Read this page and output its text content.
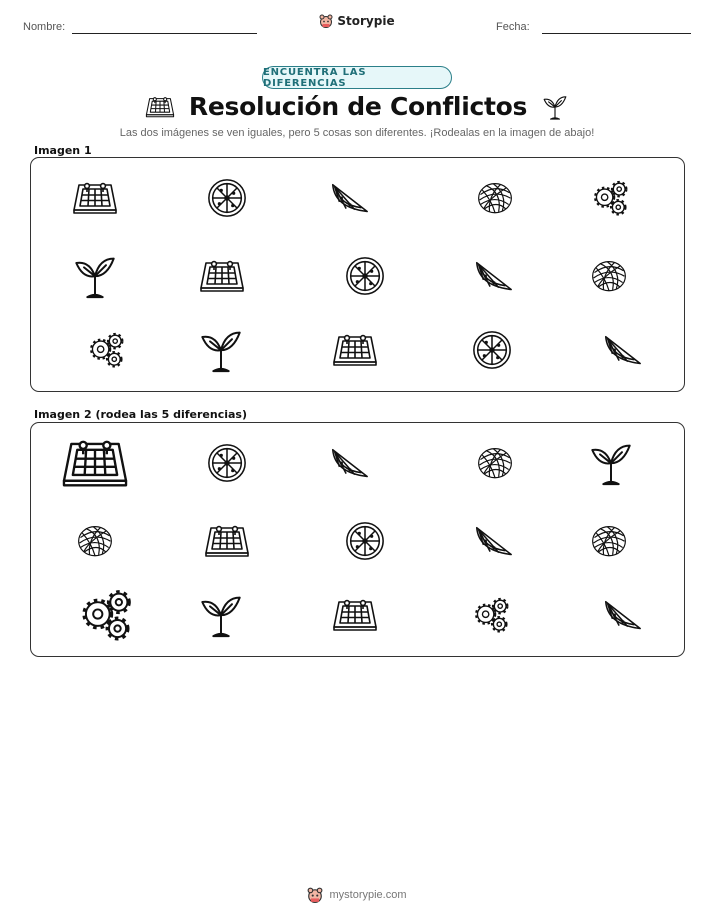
Nombre:	Fecha:
Storypie
ENCUENTRA LAS DIFERENCIAS
Resolución de Conflictos
Las dos imágenes se ven iguales, pero 5 cosas son diferentes. ¡Rodealas en la imagen de abajo!
Imagen 1
Imagen 2 (rodea las 5 diferencias)
mystorypie.com
